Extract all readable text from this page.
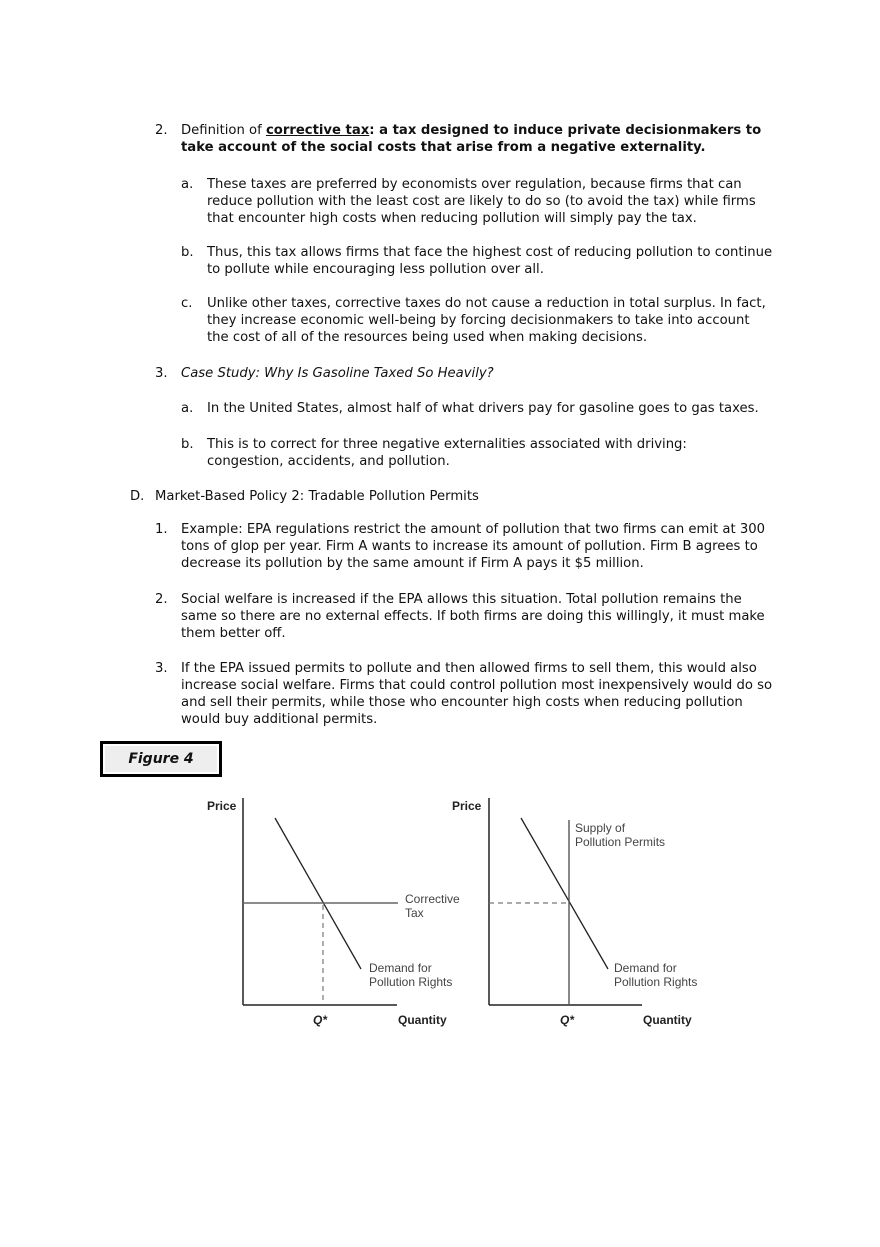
2. Definition of corrective tax: a tax designed to induce private decisionmakers to take account of the social costs that arise from a negative externality.
a. These taxes are preferred by economists over regulation, because firms that can reduce pollution with the least cost are likely to do so (to avoid the tax) while firms that encounter high costs when reducing pollution will simply pay the tax.
b. Thus, this tax allows firms that face the highest cost of reducing pollution to continue to pollute while encouraging less pollution over all.
c. Unlike other taxes, corrective taxes do not cause a reduction in total surplus. In fact, they increase economic well-being by forcing decisionmakers to take into account the cost of all of the resources being used when making decisions.
3. Case Study: Why Is Gasoline Taxed So Heavily?
a. In the United States, almost half of what drivers pay for gasoline goes to gas taxes.
b. This is to correct for three negative externalities associated with driving: congestion, accidents, and pollution.
D. Market-Based Policy 2: Tradable Pollution Permits
1. Example: EPA regulations restrict the amount of pollution that two firms can emit at 300 tons of glop per year. Firm A wants to increase its amount of pollution. Firm B agrees to decrease its pollution by the same amount if Firm A pays it $5 million.
2. Social welfare is increased if the EPA allows this situation. Total pollution remains the same so there are no external effects. If both firms are doing this willingly, it must make them better off.
3. If the EPA issued permits to pollute and then allowed firms to sell them, this would also increase social welfare. Firms that could control pollution most inexpensively would do so and sell their permits, while those who encounter high costs when reducing pollution would buy additional permits.
Figure 4
Price
Q*	Quantity
Corrective
Tax
Demand for
Pollution Rights
Price
Q*	Quantity
Supply of
Pollution Permits
Demand for
Pollution Rights
